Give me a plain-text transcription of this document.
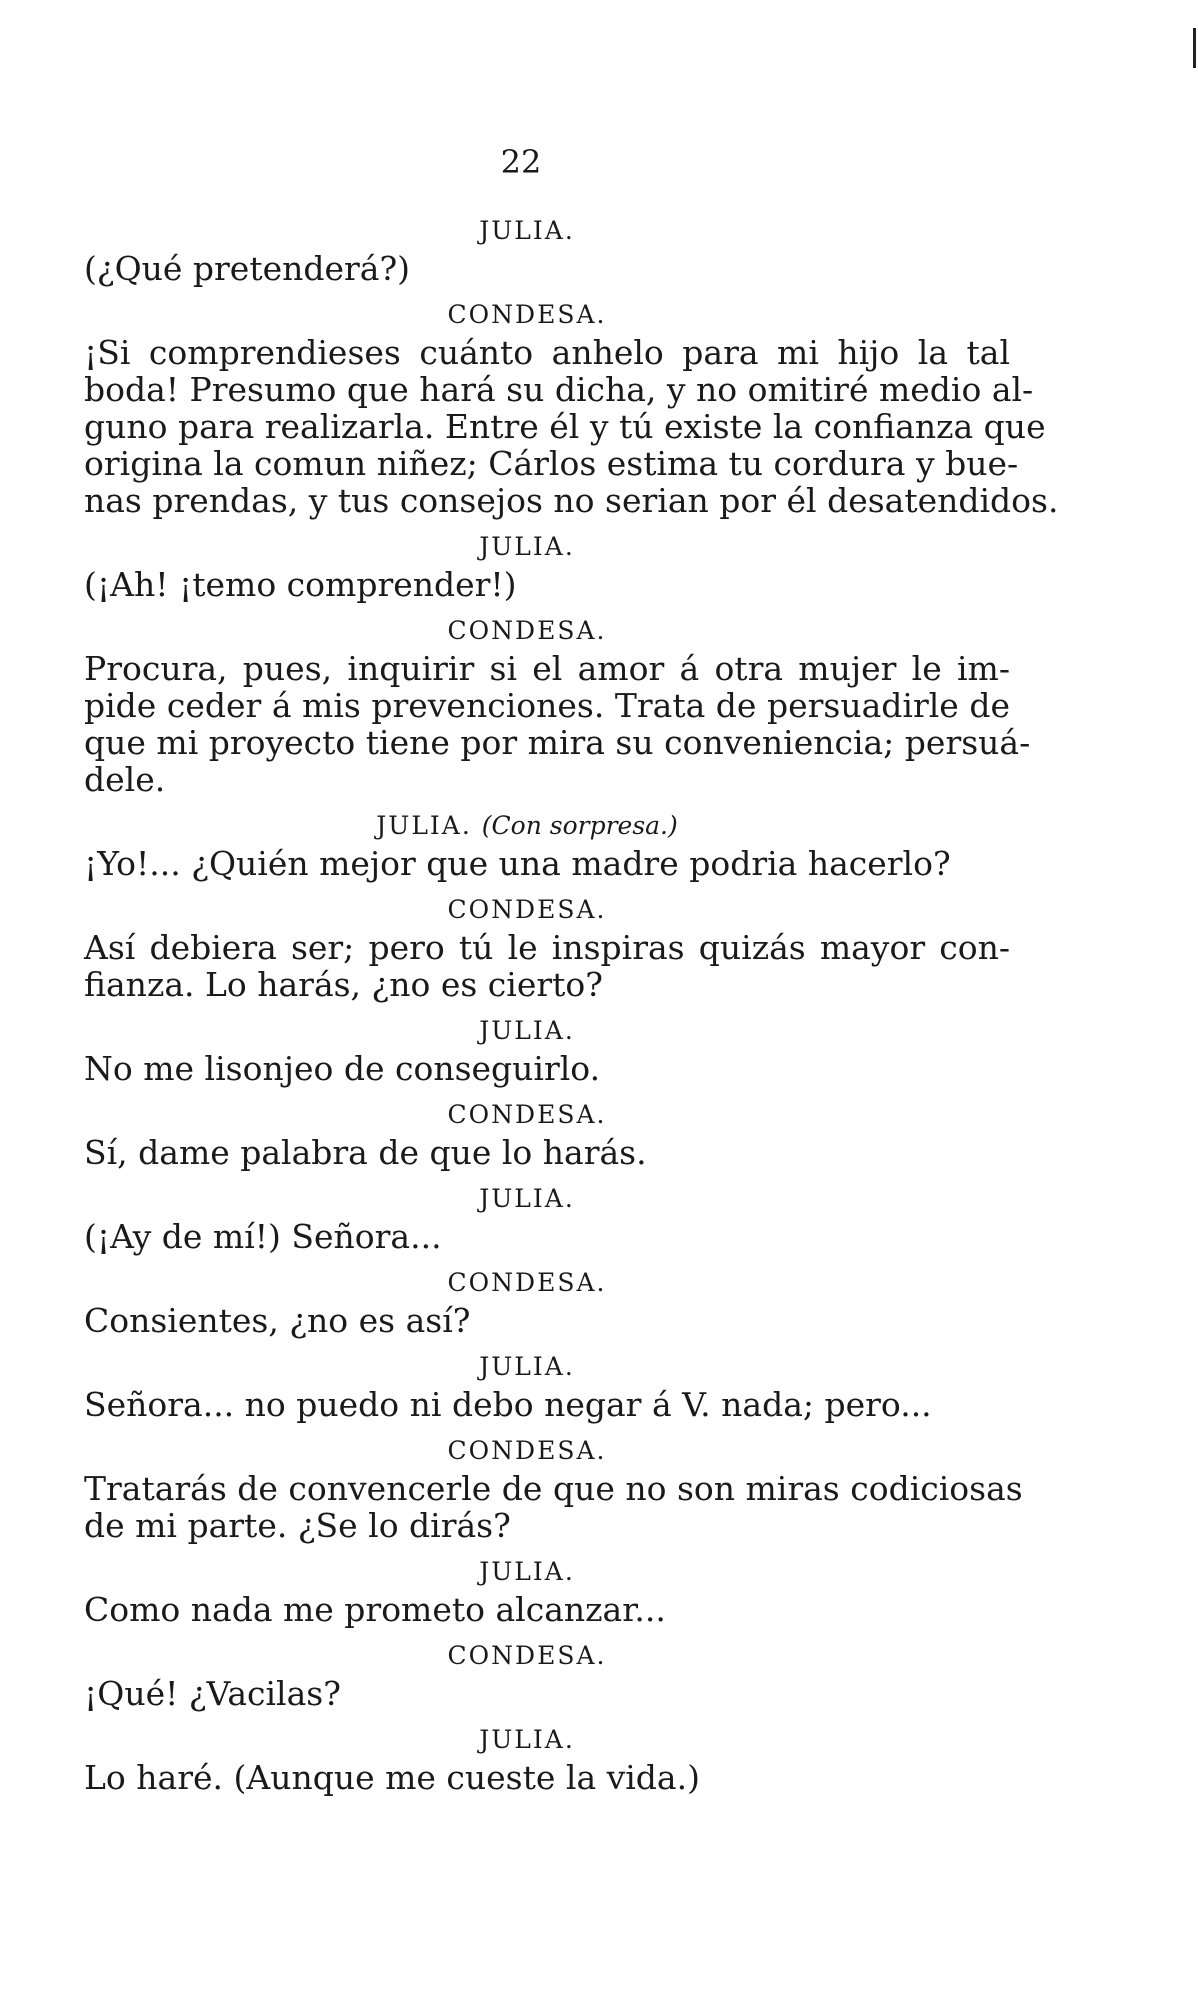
22
JULIA.
(¿Qué pretenderá?)
CONDESA.
¡Si comprendieses cuánto anhelo para mi hijo la tal
boda! Presumo que hará su dicha, y no omitiré medio al-
guno para realizarla. Entre él y tú existe la confianza que
origina la comun niñez; Cárlos estima tu cordura y bue-
nas prendas, y tus consejos no serian por él desatendidos.
JULIA.
(¡Ah! ¡temo comprender!)
CONDESA.
Procura, pues, inquirir si el amor á otra mujer le im-
pide ceder á mis prevenciones. Trata de persuadirle de
que mi proyecto tiene por mira su conveniencia; persuá-
dele.
JULIA. (Con sorpresa.)
¡Yo!... ¿Quién mejor que una madre podria hacerlo?
CONDESA.
Así debiera ser; pero tú le inspiras quizás mayor con-
fianza. Lo harás, ¿no es cierto?
JULIA.
No me lisonjeo de conseguirlo.
CONDESA.
Sí, dame palabra de que lo harás.
JULIA.
(¡Ay de mí!) Señora...
CONDESA.
Consientes, ¿no es así?
JULIA.
Señora... no puedo ni debo negar á V. nada; pero...
CONDESA.
Tratarás de convencerle de que no son miras codiciosas
de mi parte. ¿Se lo dirás?
JULIA.
Como nada me prometo alcanzar...
CONDESA.
¡Qué! ¿Vacilas?
JULIA.
Lo haré. (Aunque me cueste la vida.)
